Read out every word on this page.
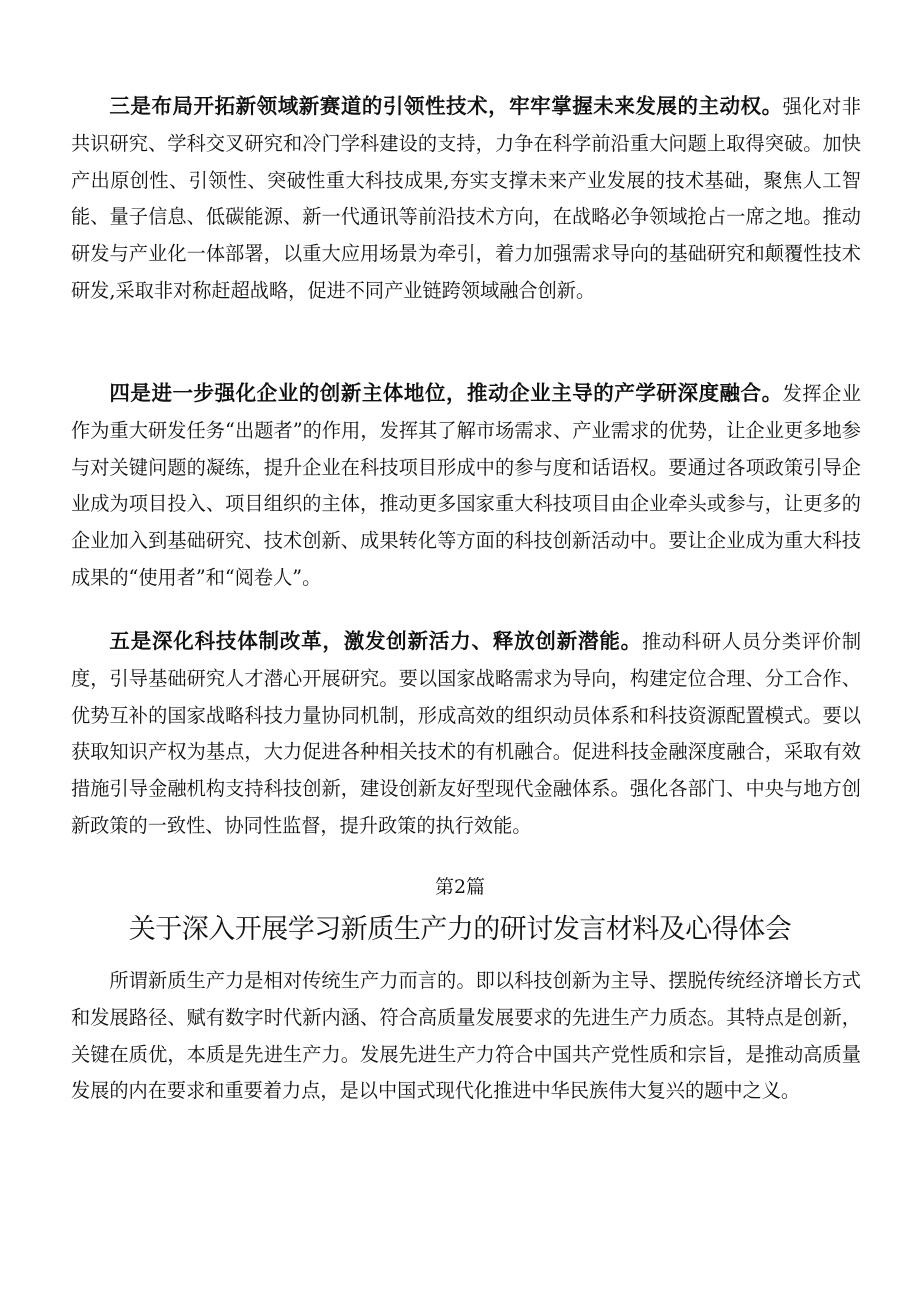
三是布局开拓新领域新赛道的引领性技术，牢牢掌握未来发展的主动权。强化对非共识研究、学科交叉研究和冷门学科建设的支持，力争在科学前沿重大问题上取得突破。加快产出原创性、引领性、突破性重大科技成果,夯实支撑未来产业发展的技术基础，聚焦人工智能、量子信息、低碳能源、新一代通讯等前沿技术方向，在战略必争领域抢占一席之地。推动研发与产业化一体部署，以重大应用场景为牵引，着力加强需求导向的基础研究和颠覆性技术研发,采取非对称赶超战略，促进不同产业链跨领域融合创新。

四是进一步强化企业的创新主体地位，推动企业主导的产学研深度融合。发挥企业作为重大研发任务“出题者”的作用，发挥其了解市场需求、产业需求的优势，让企业更多地参与对关键问题的凝练，提升企业在科技项目形成中的参与度和话语权。要通过各项政策引导企业成为项目投入、项目组织的主体，推动更多国家重大科技项目由企业牵头或参与，让更多的企业加入到基础研究、技术创新、成果转化等方面的科技创新活动中。要让企业成为重大科技成果的“使用者”和“阅卷人”。

五是深化科技体制改革，激发创新活力、释放创新潜能。推动科研人员分类评价制度，引导基础研究人才潜心开展研究。要以国家战略需求为导向，构建定位合理、分工合作、优势互补的国家战略科技力量协同机制，形成高效的组织动员体系和科技资源配置模式。要以获取知识产权为基点，大力促进各种相关技术的有机融合。促进科技金融深度融合，采取有效措施引导金融机构支持科技创新，建设创新友好型现代金融体系。强化各部门、中央与地方创新政策的一致性、协同性监督，提升政策的执行效能。

第2篇
关于深入开展学习新质生产力的研讨发言材料及心得体会

所谓新质生产力是相对传统生产力而言的。即以科技创新为主导、摆脱传统经济增长方式和发展路径、赋有数字时代新内涵、符合高质量发展要求的先进生产力质态。其特点是创新，关键在质优，本质是先进生产力。发展先进生产力符合中国共产党性质和宗旨，是推动高质量发展的内在要求和重要着力点，是以中国式现代化推进中华民族伟大复兴的题中之义。
